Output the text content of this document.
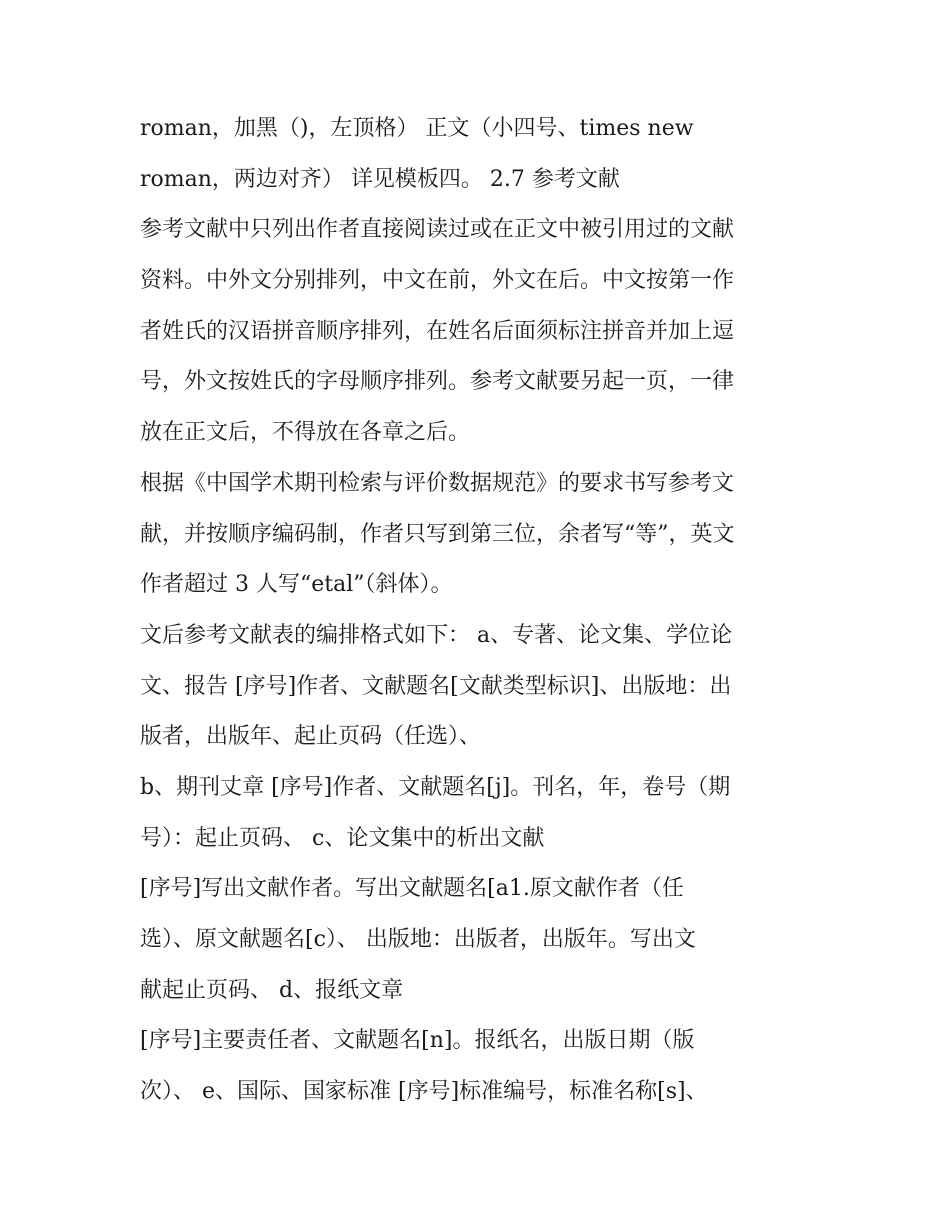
roman，加黑（)，左顶格） 正文（小四号、times new
roman，两边对齐） 详见模板四。 2.7 参考文献
参考文献中只列出作者直接阅读过或在正文中被引用过的文献
资料。中外文分别排列，中文在前，外文在后。中文按第一作
者姓氏的汉语拼音顺序排列，在姓名后面须标注拼音并加上逗
号，外文按姓氏的字母顺序排列。参考文献要另起一页，一律
放在正文后，不得放在各章之后。
根据《中国学术期刊检索与评价数据规范》的要求书写参考文
献，并按顺序编码制，作者只写到第三位，余者写“等”，英文
作者超过 3 人写“etal”（斜体）。
文后参考文献表的编排格式如下： a、专著、论文集、学位论
文、报告 [序号]作者、文献题名[文献类型标识]、出版地：出
版者，出版年、起止页码（任选）、
b、期刊丈章 [序号]作者、文献题名[j]。刊名，年，卷号（期
号）：起止页码、 c、论文集中的析出文献
[序号]写出文献作者。写出文献题名[a1.原文献作者（任
选）、原文献题名[c）、 出版地：出版者，出版年。写出文
献起止页码、 d、报纸文章
[序号]主要责任者、文献题名[n]。报纸名，出版日期（版
次）、 e、国际、国家标准 [序号]标准编号，标准名称[s]、
